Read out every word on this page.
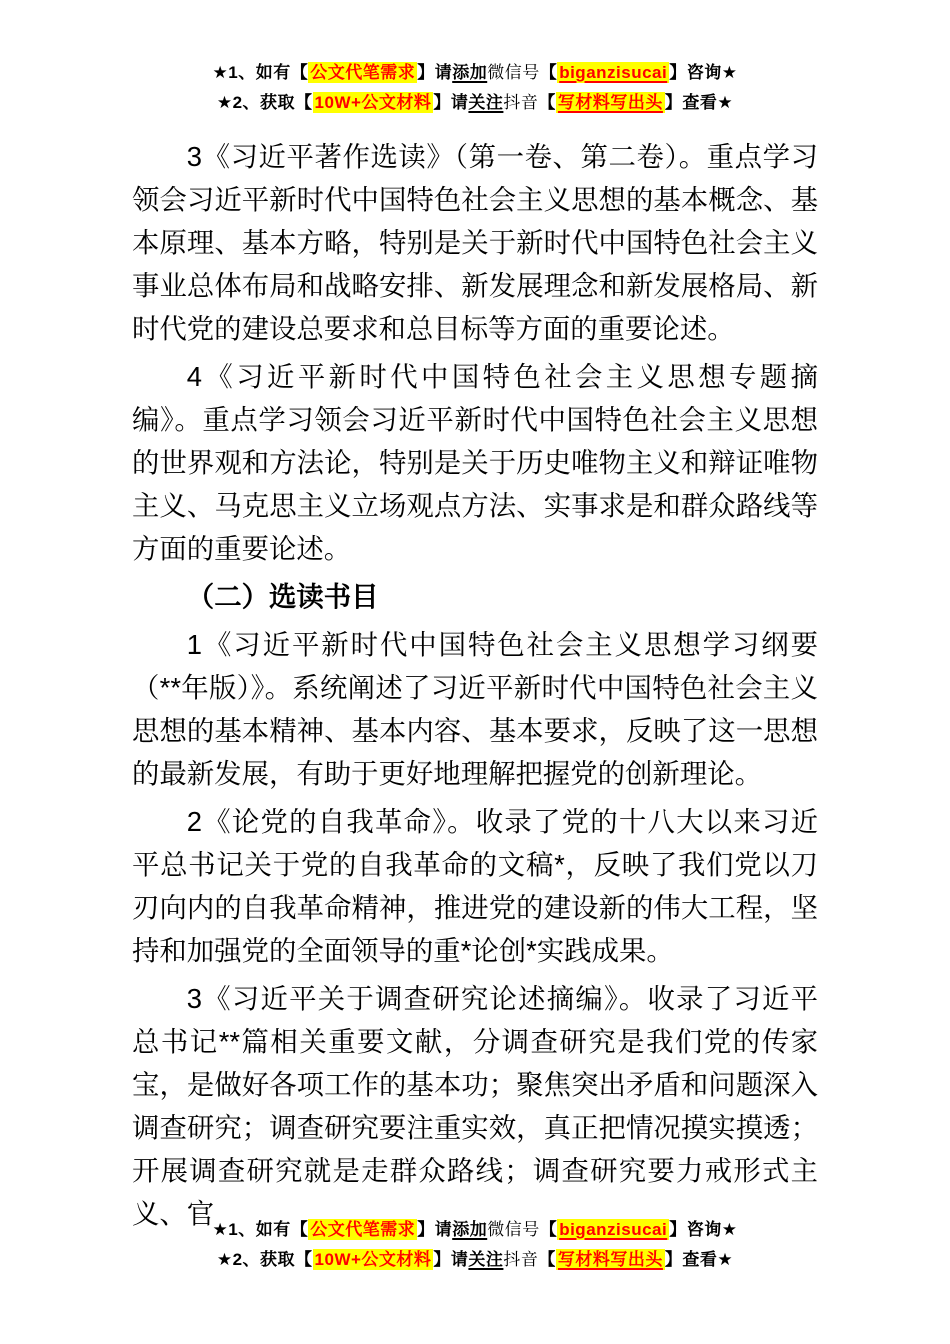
★1、如有【 公文代笔需求 】请添加微信号【 biganzisucai 】咨询★
★2、获取【 10W+公文材料 】请关注抖音【 写材料写出头 】查看★

3《习近平著作选读》（第一卷、第二卷）。重点学习领会习近平新时代中国特色社会主义思想的基本概念、基本原理、基本方略，特别是关于新时代中国特色社会主义事业总体布局和战略安排、新发展理念和新发展格局、新时代党的建设总要求和总目标等方面的重要论述。

4《习近平新时代中国特色社会主义思想专题摘编》。重点学习领会习近平新时代中国特色社会主义思想的世界观和方法论，特别是关于历史唯物主义和辩证唯物主义、马克思主义立场观点方法、实事求是和群众路线等方面的重要论述。

（二）选读书目

1《习近平新时代中国特色社会主义思想学习纲要（**年版）》。系统阐述了习近平新时代中国特色社会主义思想的基本精神、基本内容、基本要求，反映了这一思想的最新发展，有助于更好地理解把握党的创新理论。

2《论党的自我革命》。收录了党的十八大以来习近平总书记关于党的自我革命的文稿*，反映了我们党以刀刃向内的自我革命精神，推进党的建设新的伟大工程，坚持和加强党的全面领导的重*论创*实践成果。

3《习近平关于调查研究论述摘编》。收录了习近平总书记**篇相关重要文献，分调查研究是我们党的传家宝，是做好各项工作的基本功；聚焦突出矛盾和问题深入调查研究；调查研究要注重实效，真正把情况摸实摸透；开展调查研究就是走群众路线；调查研究要力戒形式主义、官

★1、如有【 公文代笔需求 】请添加微信号【 biganzisucai 】咨询★
★2、获取【 10W+公文材料 】请关注抖音【 写材料写出头 】查看★
